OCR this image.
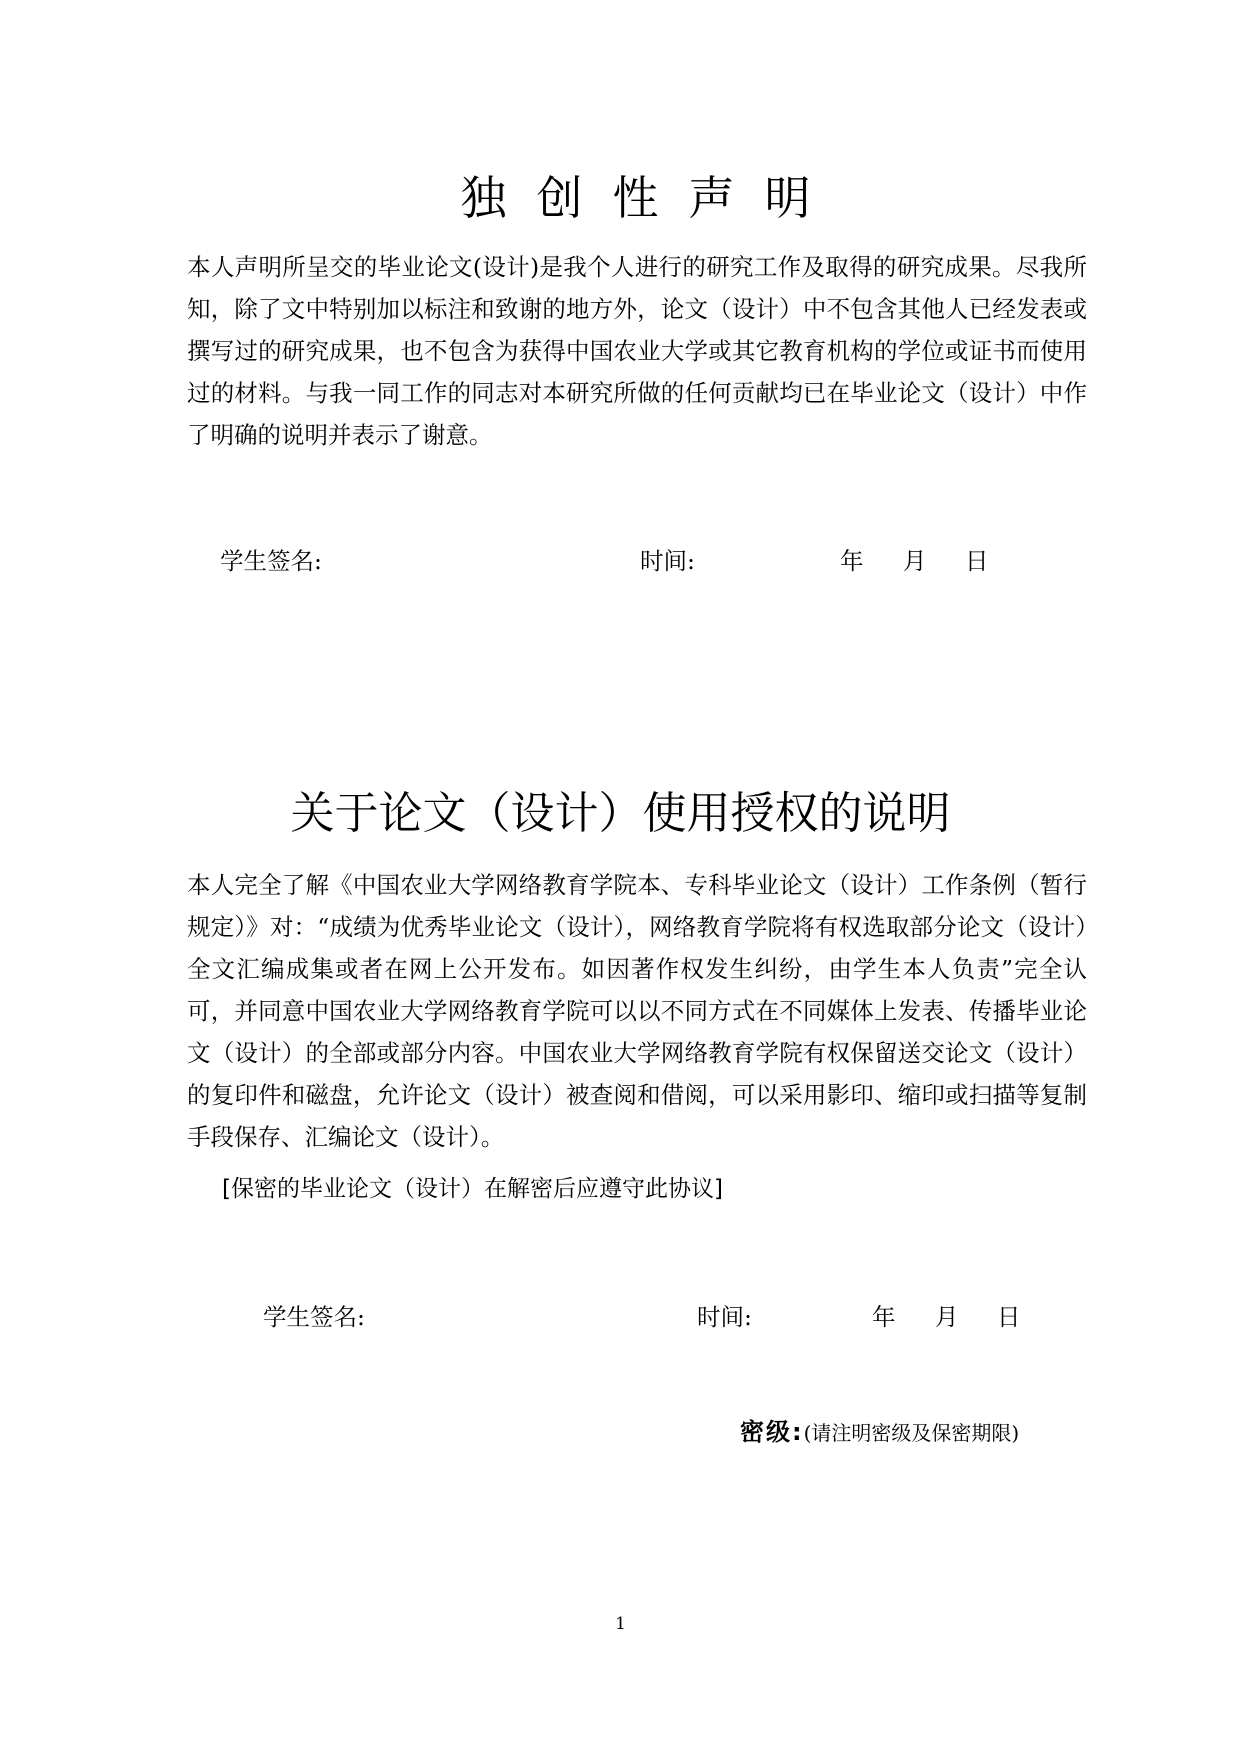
独创性声明
本人声明所呈交的毕业论文(设计)是我个人进行的研究工作及取得的研究成果。尽我所知，除了文中特别加以标注和致谢的地方外，论文（设计）中不包含其他人已经发表或撰写过的研究成果，也不包含为获得中国农业大学或其它教育机构的学位或证书而使用过的材料。与我一同工作的同志对本研究所做的任何贡献均已在毕业论文（设计）中作了明确的说明并表示了谢意。
学生签名:	时间:	年 月 日
关于论文（设计）使用授权的说明
本人完全了解《中国农业大学网络教育学院本、专科毕业论文（设计）工作条例（暂行规定）》对：“成绩为优秀毕业论文（设计），网络教育学院将有权选取部分论文（设计）全文汇编成集或者在网上公开发布。如因著作权发生纠纷，由学生本人负责”完全认可，并同意中国农业大学网络教育学院可以以不同方式在不同媒体上发表、传播毕业论文（设计）的全部或部分内容。中国农业大学网络教育学院有权保留送交论文（设计）的复印件和磁盘，允许论文（设计）被查阅和借阅，可以采用影印、缩印或扫描等复制手段保存、汇编论文（设计）。
[保密的毕业论文（设计）在解密后应遵守此协议]
学生签名:	时间:	年 月 日
密级:(请注明密级及保密期限)
1
